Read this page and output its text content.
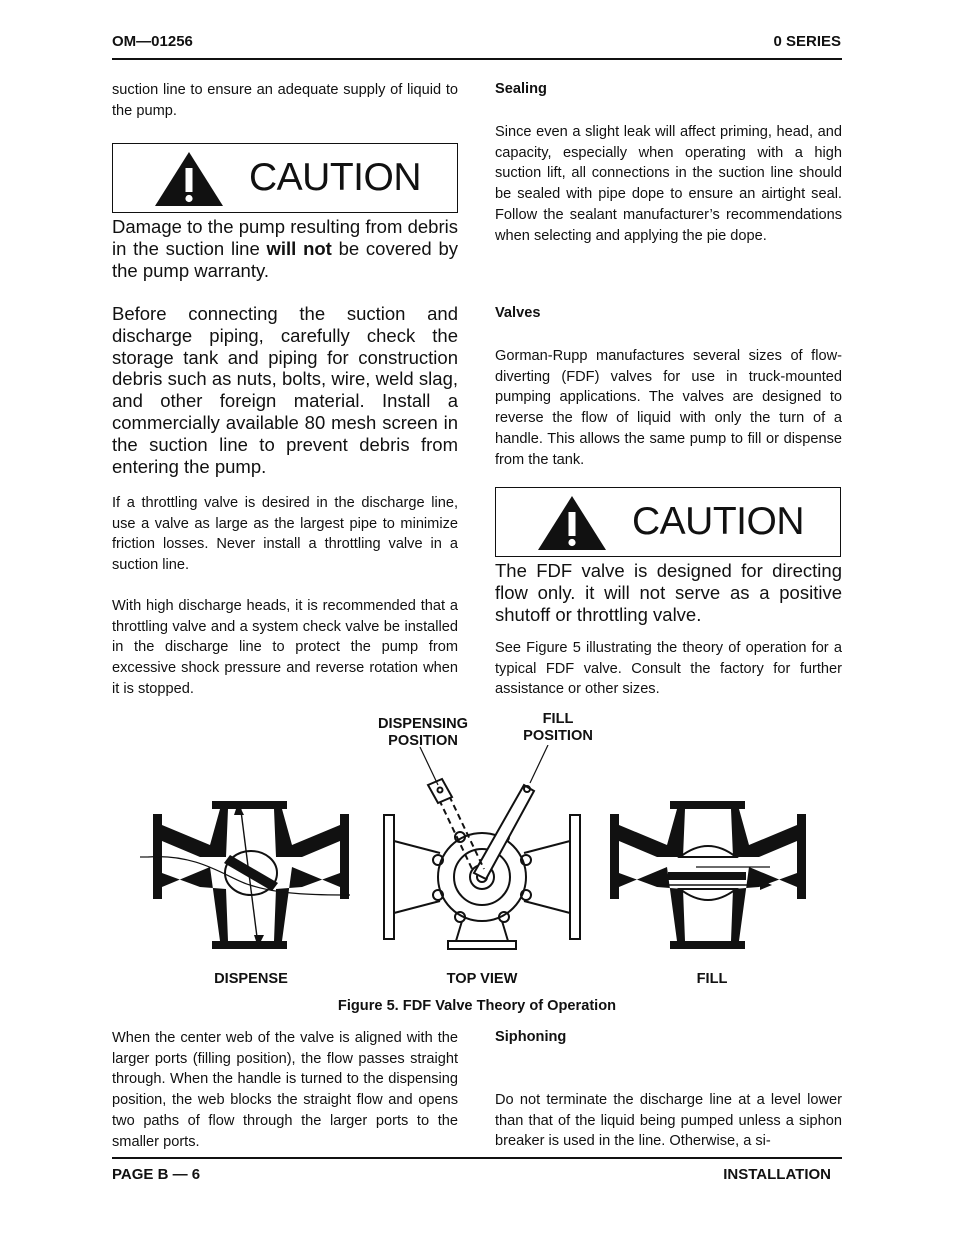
OM—01256	0 SERIES

suction line to ensure an adequate supply of liquid to the pump.

CAUTION

Damage to the pump resulting from debris in the suction line will not be covered by the pump warranty.

Before connecting the suction and discharge piping, carefully check the storage tank and piping for construction debris such as nuts, bolts, wire, weld slag, and other foreign material. Install a commercially available 80 mesh screen in the suction line to prevent debris from entering the pump.

If a throttling valve is desired in the discharge line, use a valve as large as the largest pipe to minimize friction losses. Never install a throttling valve in a suction line.

With high discharge heads, it is recommended that a throttling valve and a system check valve be installed in the discharge line to protect the pump from excessive shock pressure and reverse rotation when it is stopped.

Sealing

Since even a slight leak will affect priming, head, and capacity, especially when operating with a high suction lift, all connections in the suction line should be sealed with pipe dope to ensure an airtight seal. Follow the sealant manufacturer’s recommendations when selecting and applying the pie dope.

Valves

Gorman-Rupp manufactures several sizes of flow-diverting (FDF) valves for use in truck-mounted pumping applications. The valves are designed to reverse the flow of liquid with only the turn of a handle. This allows the same pump to fill or dispense from the tank.

CAUTION

The FDF valve is designed for directing flow only. it will not serve as a positive shutoff or throttling valve.

See Figure 5 illustrating the theory of operation for a typical FDF valve. Consult the factory for further assistance or other sizes.

DISPENSING
POSITION
FILL
POSITION
DISPENSE	TOP VIEW	FILL
Figure 5. FDF Valve Theory of Operation

When the center web of the valve is aligned with the larger ports (filling position), the flow passes straight through. When the handle is turned to the dispensing position, the web blocks the straight flow and opens two paths of flow through the larger ports to the smaller ports.

Siphoning

Do not terminate the discharge line at a level lower than that of the liquid being pumped unless a siphon breaker is used in the line. Otherwise, a si-

PAGE B — 6	INSTALLATION
